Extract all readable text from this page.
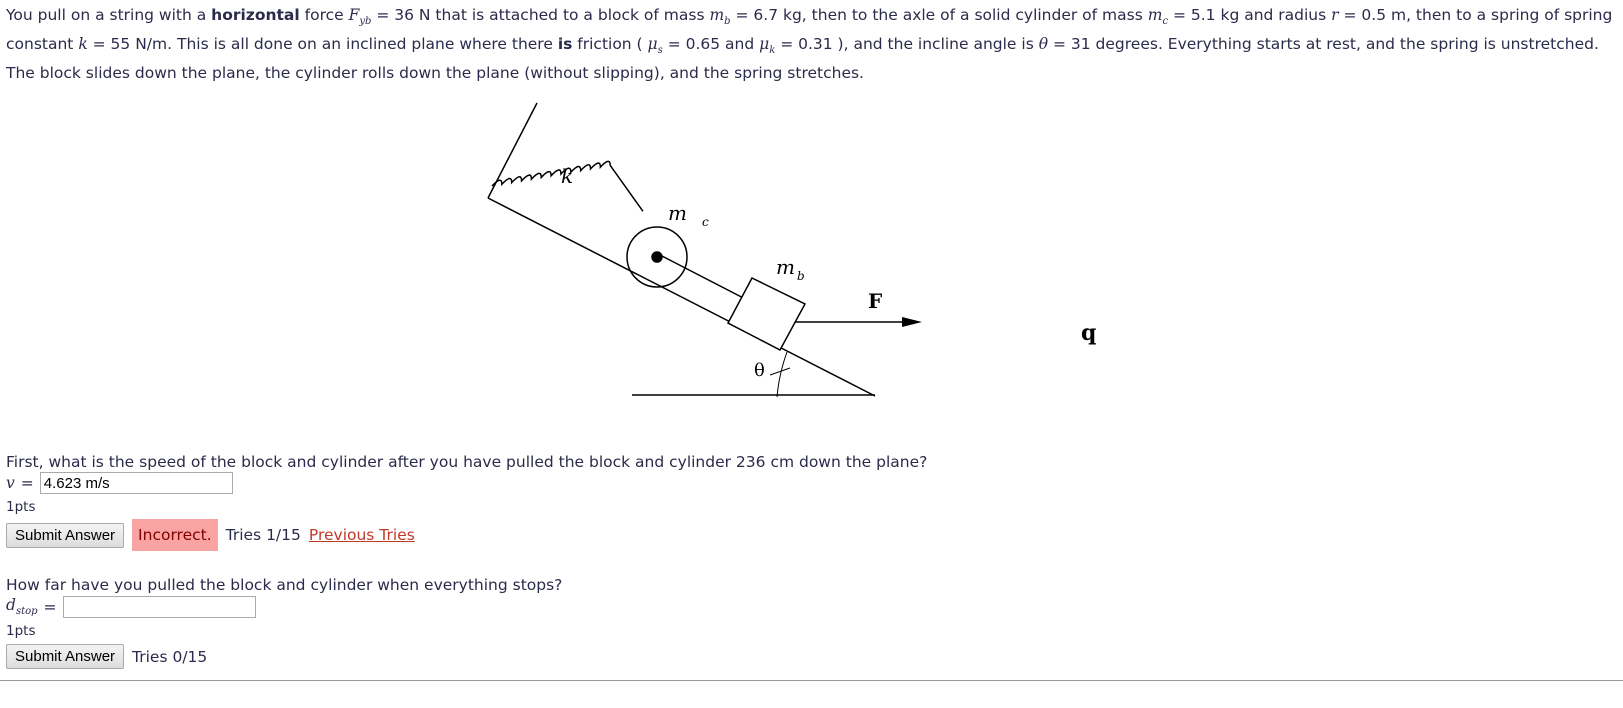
You pull on a string with a horizontal force $F_{yb} = 36$ N that is attached to a block of mass $m_b = 6.7$ kg, then to the axle of a solid cylinder of mass $m_c = 5.1$ kg and radius r = 0.5 m, then to a spring of spring constant k = 55 N/m. This is all done on an inclined plane where there is friction ( $\mu_s = 0.65$ and $\mu_k = 0.31$ ), and the incline angle is θ = 31 degrees. Everything starts at rest, and the spring is unstretched. The block slides down the plane, the cylinder rolls down the plane (without slipping), and the spring stretches.
k
m c
m b
F
θ
q
First, what is the speed of the block and cylinder after you have pulled the block and cylinder 236 cm down the plane?
v =
4.623 m/s
1pts
Submit Answer	Incorrect. Tries 1/15 Previous Tries
How far have you pulled the block and cylinder when everything stops?
$d_{stop}$ =
1pts
Submit Answer	Tries 0/15
